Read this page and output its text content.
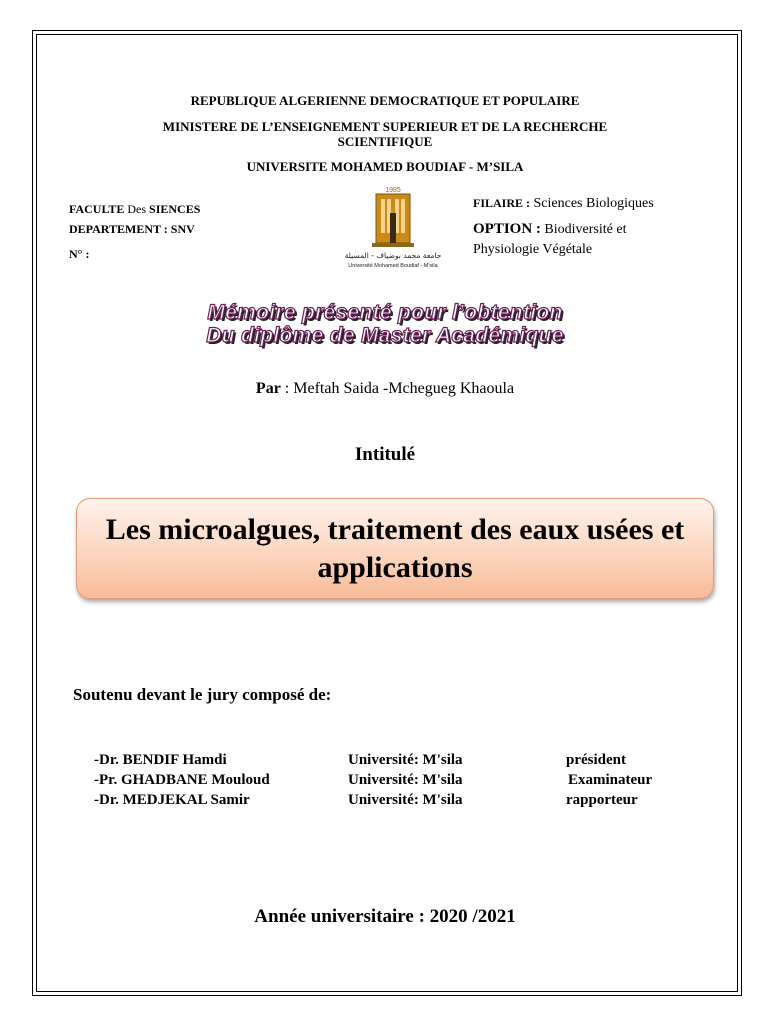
REPUBLIQUE ALGERIENNE DEMOCRATIQUE ET POPULAIRE
MINISTERE DE L’ENSEIGNEMENT SUPERIEUR ET DE LA RECHERCHE
SCIENTIFIQUE
UNIVERSITE MOHAMED BOUDIAF - M’SILA
FACULTE Des SIENCES
DEPARTEMENT : SNV
N° :
1985
جامعة محمد بوضياف - المسيلة
Université Mohamed Boudiaf - M'sila
FILAIRE : Sciences Biologiques
OPTION : Biodiversité et
Physiologie Végétale
Mémoire présenté pour l’obtention
Du diplôme de Master Académique
Par : Meftah Saida -Mchegueg Khaoula
Intitulé
Les microalgues, traitement des eaux usées et applications
Soutenu devant le jury composé de:
-Dr. BENDIF Hamdi	Université: M'sila	président
-Pr. GHADBANE Mouloud	Université: M'sila	Examinateur
-Dr. MEDJEKAL Samir	Université: M'sila	rapporteur
Année universitaire : 2020 /2021
